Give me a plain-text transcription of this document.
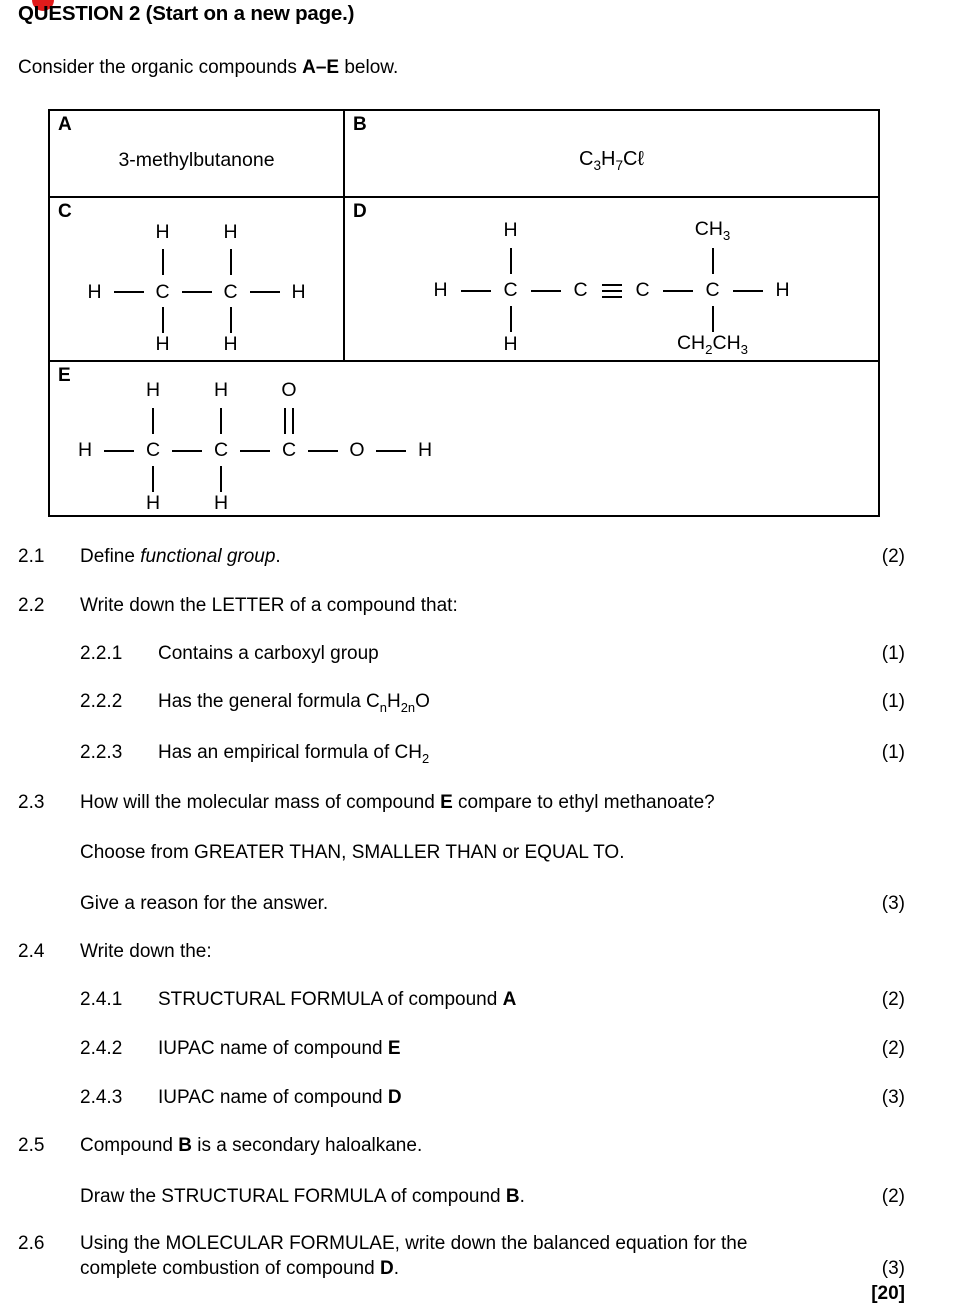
QUESTION 2 (Start on a new page.)
Consider the organic compounds A–E below.
A
3-methylbutanone
B
$C_3H_7C\ell$
C
H	H
H	C	C	H
H	H
D
H	$CH_3$
H	C	C C	C	H
H	$CH_2CH_3$
E
H	H	O
H	C	C	C	O	H
H	H
2.1 Define functional group.	(2)
2.2 Write down the LETTER of a compound that:
2.2.1 Contains a carboxyl group	(1)
2.2.2 Has the general formula $C_nH_{2n}O$	(1)
2.2.3 Has an empirical formula of $CH_2$	(1)
2.3 How will the molecular mass of compound E compare to ethyl methanoate?
Choose from GREATER THAN, SMALLER THAN or EQUAL TO.
Give a reason for the answer.	(3)
2.4 Write down the:
2.4.1 STRUCTURAL FORMULA of compound A	(2)
2.4.2 IUPAC name of compound E	(2)
2.4.3 IUPAC name of compound D	(3)
2.5 Compound B is a secondary haloalkane.
Draw the STRUCTURAL FORMULA of compound B.	(2)
2.6 Using the MOLECULAR FORMULAE, write down the balanced equation for the
complete combustion of compound D.	(3)
[20]
